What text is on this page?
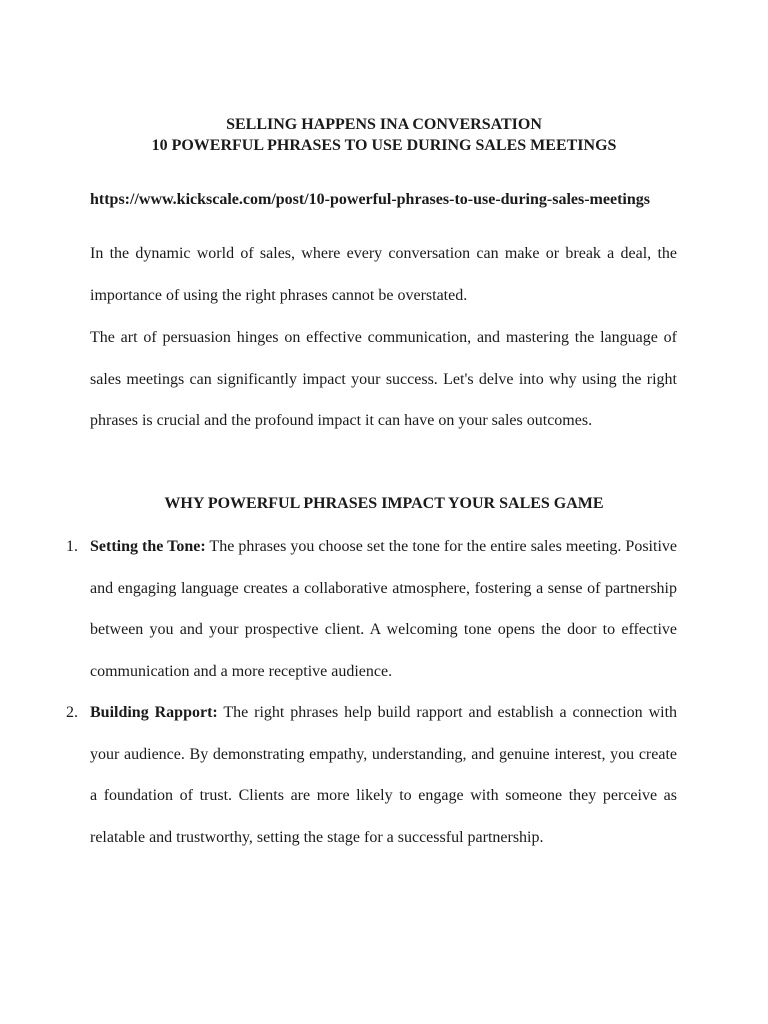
SELLING HAPPENS INA CONVERSATION
10 POWERFUL PHRASES TO USE DURING SALES MEETINGS
https://www.kickscale.com/post/10-powerful-phrases-to-use-during-sales-meetings
In the dynamic world of sales, where every conversation can make or break a deal, the importance of using the right phrases cannot be overstated.
The art of persuasion hinges on effective communication, and mastering the language of sales meetings can significantly impact your success. Let's delve into why using the right phrases is crucial and the profound impact it can have on your sales outcomes.
WHY POWERFUL PHRASES IMPACT YOUR SALES GAME
1. Setting the Tone: The phrases you choose set the tone for the entire sales meeting. Positive and engaging language creates a collaborative atmosphere, fostering a sense of partnership between you and your prospective client. A welcoming tone opens the door to effective communication and a more receptive audience.
2. Building Rapport: The right phrases help build rapport and establish a connection with your audience. By demonstrating empathy, understanding, and genuine interest, you create a foundation of trust. Clients are more likely to engage with someone they perceive as relatable and trustworthy, setting the stage for a successful partnership.
